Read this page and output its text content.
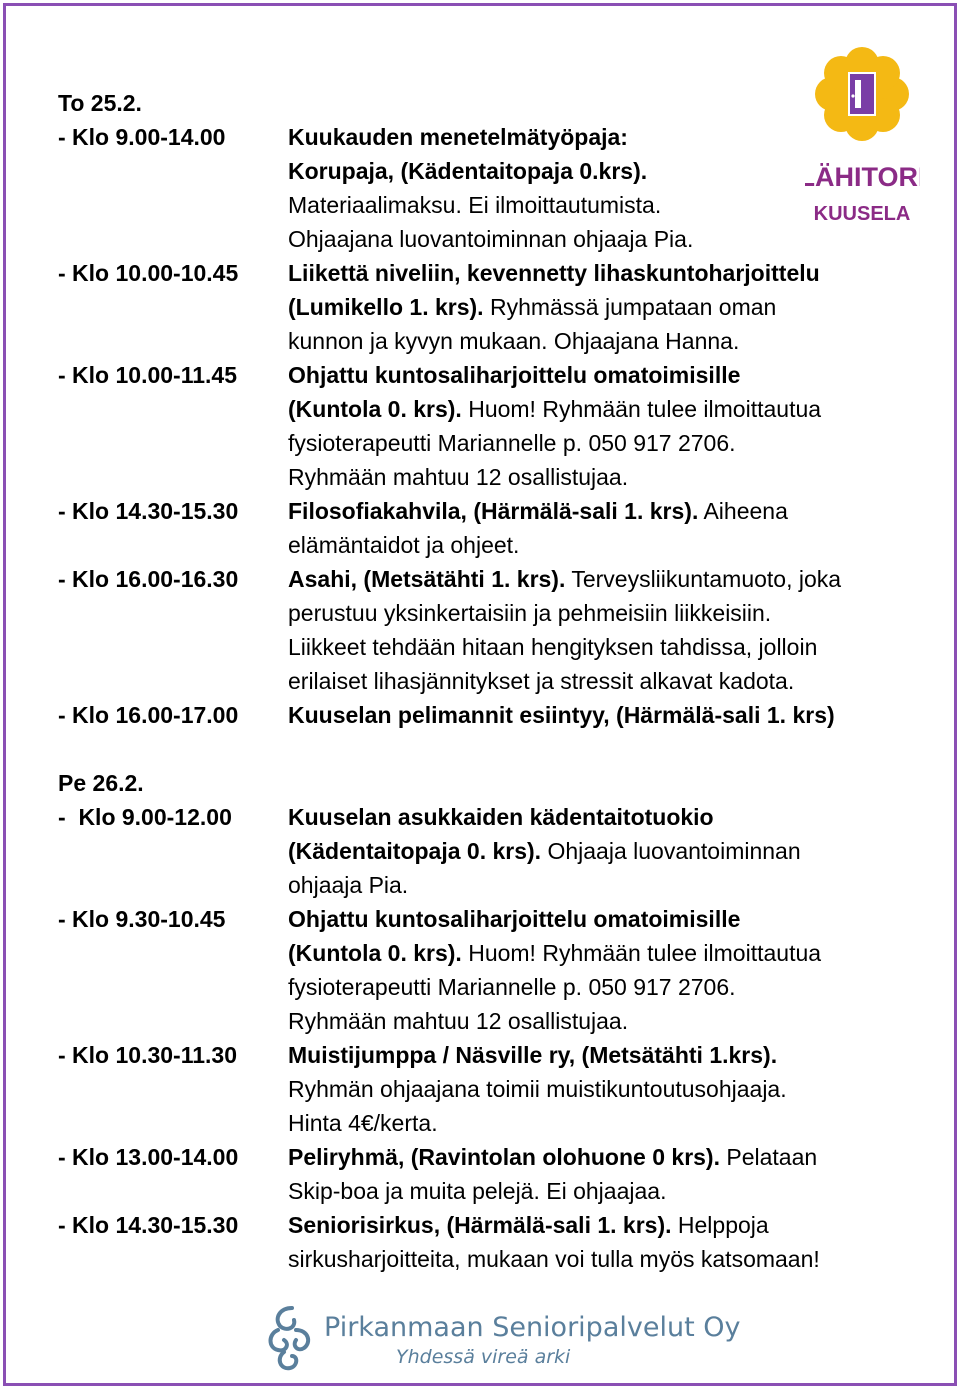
LÄHITORI
KUUSELA
To 25.2.
- Klo 9.00-14.00	Kuukauden menetelmätyöpaja:
Korupaja, (Kädentaitopaja 0.krs).
Materiaalimaksu. Ei ilmoittautumista.
Ohjaajana luovantoiminnan ohjaaja Pia.
- Klo 10.00-10.45	Liikettä niveliin, kevennetty lihaskuntoharjoittelu
(Lumikello 1. krs). Ryhmässä jumpataan oman
kunnon ja kyvyn mukaan. Ohjaajana Hanna.
- Klo 10.00-11.45	Ohjattu kuntosaliharjoittelu omatoimisille
(Kuntola 0. krs). Huom! Ryhmään tulee ilmoittautua
fysioterapeutti Mariannelle p. 050 917 2706.
Ryhmään mahtuu 12 osallistujaa.
- Klo 14.30-15.30	Filosofiakahvila, (Härmälä-sali 1. krs). Aiheena
elämäntaidot ja ohjeet.
- Klo 16.00-16.30	Asahi, (Metsätähti 1. krs). Terveysliikuntamuoto, joka
perustuu yksinkertaisiin ja pehmeisiin liikkeisiin.
Liikkeet tehdään hitaan hengityksen tahdissa, jolloin
erilaiset lihasjännitykset ja stressit alkavat kadota.
- Klo 16.00-17.00	Kuuselan pelimannit esiintyy, (Härmälä-sali 1. krs)
Pe 26.2.
-  Klo 9.00-12.00	Kuuselan asukkaiden kädentaitotuokio
(Kädentaitopaja 0. krs). Ohjaaja luovantoiminnan
ohjaaja Pia.
- Klo 9.30-10.45	Ohjattu kuntosaliharjoittelu omatoimisille
(Kuntola 0. krs). Huom! Ryhmään tulee ilmoittautua
fysioterapeutti Mariannelle p. 050 917 2706.
Ryhmään mahtuu 12 osallistujaa.
- Klo 10.30-11.30	Muistijumppa / Näsville ry, (Metsätähti 1.krs).
Ryhmän ohjaajana toimii muistikuntoutusohjaaja.
Hinta 4€/kerta.
- Klo 13.00-14.00	Peliryhmä, (Ravintolan olohuone 0 krs). Pelataan
Skip-boa ja muita pelejä. Ei ohjaajaa.
- Klo 14.30-15.30	Seniorisirkus, (Härmälä-sali 1. krs). Helppoja
sirkusharjoitteita, mukaan voi tulla myös katsomaan!
Pirkanmaan Senioripalvelut Oy
Yhdessä vireä arki
